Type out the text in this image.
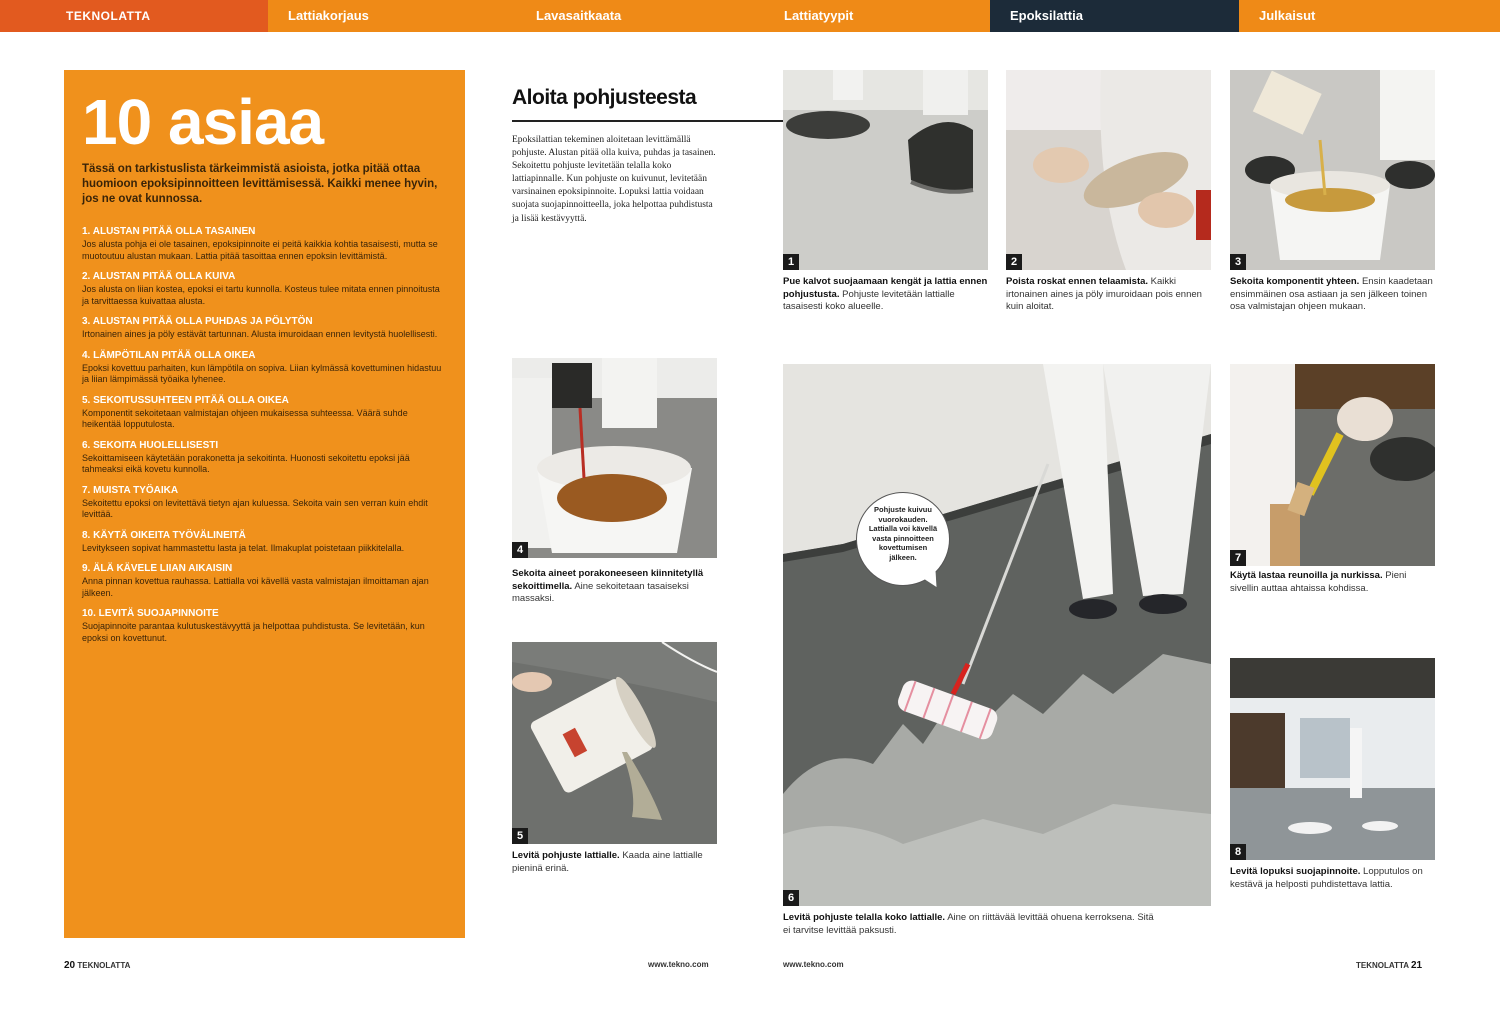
TEKNOLATTA	Lattiakorjaus	Lavasaitkaata	Lattiatyypit	Epoksilattia	Julkaisut
10 asiaa
Tässä on tarkistuslista tärkeimmistä asioista, jotka pitää ottaa huomioon epoksipinnoitteen levittämisessä. Kaikki menee hyvin, jos ne ovat kunnossa.
1. ALUSTAN PITÄÄ OLLA TASAINEN
Jos alusta pohja ei ole tasainen, epoksipinnoite ei peitä kaikkia kohtia tasaisesti, mutta se muotoutuu alustan mukaan. Lattia pitää tasoittaa ennen epoksin levittämistä.
2. ALUSTAN PITÄÄ OLLA KUIVA
Jos alusta on liian kostea, epoksi ei tartu kunnolla. Kosteus tulee mitata ennen pinnoitusta ja tarvittaessa kuivattaa alusta.
3. ALUSTAN PITÄÄ OLLA PUHDAS JA PÖLYTÖN
Irtonainen aines ja pöly estävät tartunnan. Alusta imuroidaan ennen levitystä huolellisesti.
4. LÄMPÖTILAN PITÄÄ OLLA OIKEA
Epoksi kovettuu parhaiten, kun lämpötila on sopiva. Liian kylmässä kovettuminen hidastuu ja liian lämpimässä työaika lyhenee.
5. SEKOITUSSUHTEEN PITÄÄ OLLA OIKEA
Komponentit sekoitetaan valmistajan ohjeen mukaisessa suhteessa. Väärä suhde heikentää lopputulosta.
6. SEKOITA HUOLELLISESTI
Sekoittamiseen käytetään porakonetta ja sekoitinta. Huonosti sekoitettu epoksi jää tahmeaksi eikä kovetu kunnolla.
7. MUISTA TYÖAIKA
Sekoitettu epoksi on levitettävä tietyn ajan kuluessa. Sekoita vain sen verran kuin ehdit levittää.
8. KÄYTÄ OIKEITA TYÖVÄLINEITÄ
Levitykseen sopivat hammastettu lasta ja telat. Ilmakuplat poistetaan piikkitelalla.
9. ÄLÄ KÄVELE LIIAN AIKAISIN
Anna pinnan kovettua rauhassa. Lattialla voi kävellä vasta valmistajan ilmoittaman ajan jälkeen.
10. LEVITÄ SUOJAPINNOITE
Suojapinnoite parantaa kulutuskestävyyttä ja helpottaa puhdistusta. Se levitetään, kun epoksi on kovettunut.
Aloita pohjusteesta
Epoksilattian tekeminen aloitetaan levittämällä pohjuste. Alustan pitää olla kuiva, puhdas ja tasainen. Sekoitettu pohjuste levitetään telalla koko lattiapinnalle. Kun pohjuste on kuivunut, levitetään varsinainen epoksipinnoite. Lopuksi lattia voidaan suojata suojapinnoitteella, joka helpottaa puhdistusta ja lisää kestävyyttä.
1
Pue kalvot suojaamaan kengät ja lattia ennen pohjustusta. Pohjuste levitetään lattialle tasaisesti koko alueelle.
2
Poista roskat ennen telaamista. Kaikki irtonainen aines ja pöly imuroidaan pois ennen kuin aloitat.
3
Sekoita komponentit yhteen. Ensin kaadetaan ensimmäinen osa astiaan ja sen jälkeen toinen osa valmistajan ohjeen mukaan.
4
Sekoita aineet porakoneeseen kiinnitetyllä sekoittimella. Aine sekoitetaan tasaiseksi massaksi.
5
Levitä pohjuste lattialle. Kaada aine lattialle pieninä erinä.
6
Pohjuste kuivuu vuorokauden. Lattialla voi kävellä vasta pinnoitteen kovettumisen jälkeen.
Levitä pohjuste telalla koko lattialle. Aine on riittävää levittää ohuena kerroksena. Sitä ei tarvitse levittää paksusti.
7
Käytä lastaa reunoilla ja nurkissa. Pieni sivellin auttaa ahtaissa kohdissa.
8
Levitä lopuksi suojapinnoite. Lopputulos on kestävä ja helposti puhdistettava lattia.
20 TEKNOLATTA	www.tekno.com	www.tekno.com	TEKNOLATTA 21
